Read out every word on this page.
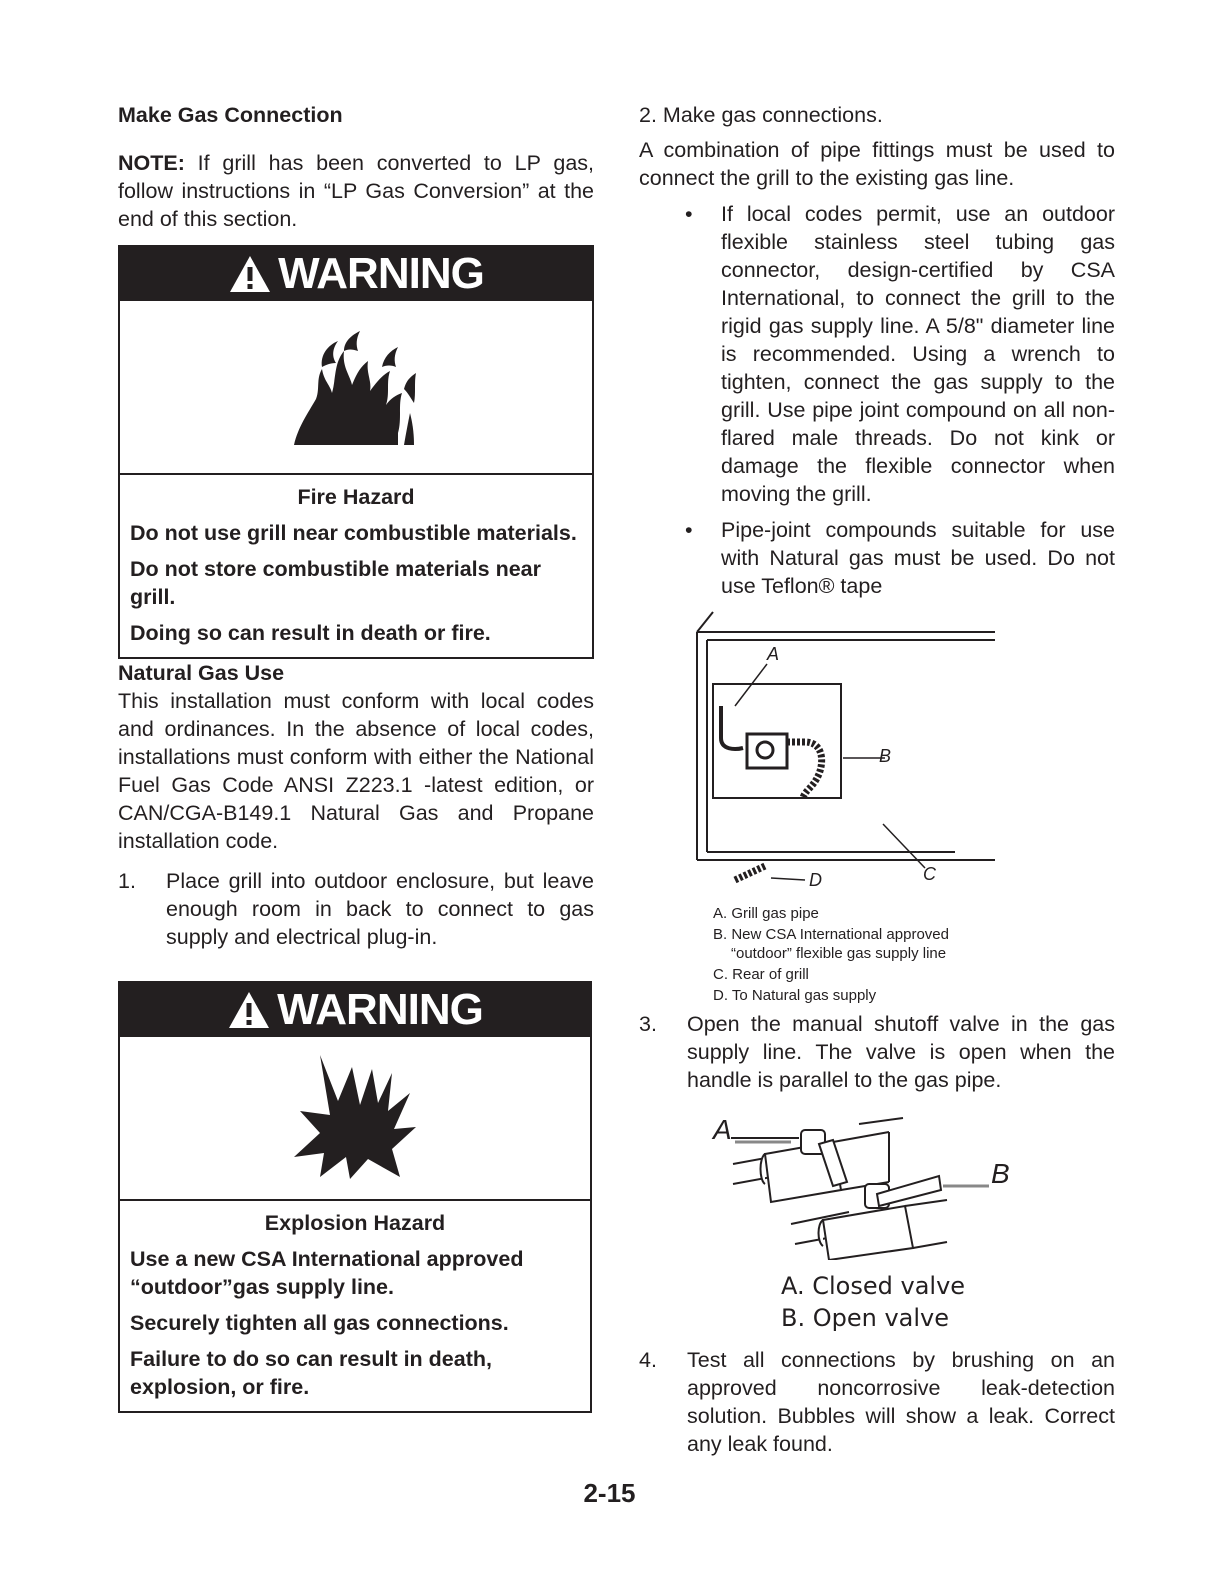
Make Gas Connection

NOTE: If grill has been converted to LP gas, follow instructions in “LP Gas Conversion” at the end of this section.

WARNING

Fire Hazard

Do not use grill near combustible materials.

Do not store combustible materials near grill.

Doing so can result in death or fire.

Natural Gas Use

This installation must conform with local codes and ordinances. In the absence of local codes, installations must conform with either the National Fuel Gas Code ANSI Z223.1 -latest edition, or CAN/CGA-B149.1 Natural Gas and Propane installation code.

1.	Place grill into outdoor enclosure, but leave enough room in back to connect to gas supply and electrical plug-in.
WARNING

Explosion Hazard

Use a new CSA International approved “outdoor”gas supply line.

Securely tighten all gas connections.

Failure to do so can result in death, explosion, or fire.

2. Make gas connections.

A combination of pipe fittings must be used to connect the grill to the existing gas line.

•	If local codes permit, use an outdoor flexible stainless steel tubing gas connector, design-certified by CSA International, to connect the grill to the rigid gas supply line. A 5/8" diameter line is recommended. Using a wrench to tighten, connect the gas supply to the grill. Use pipe joint compound on all non-flared male threads. Do not kink or damage the flexible connector when moving the grill.
•	Pipe-joint compounds suitable for use with Natural gas must be used. Do not use Teflon® tape
A
B
C
D
A. Grill gas pipe
B. New CSA International approved
“outdoor” flexible gas supply line
C. Rear of grill
D. To Natural gas supply
3.	Open the manual shutoff valve in the gas supply line. The valve is open when the handle is parallel to the gas pipe.
A
B
A. Closed valve
B. Open valve
4.	Test all connections by brushing on an approved noncorrosive leak-detection solution. Bubbles will show a leak. Correct any leak found.
2-15
